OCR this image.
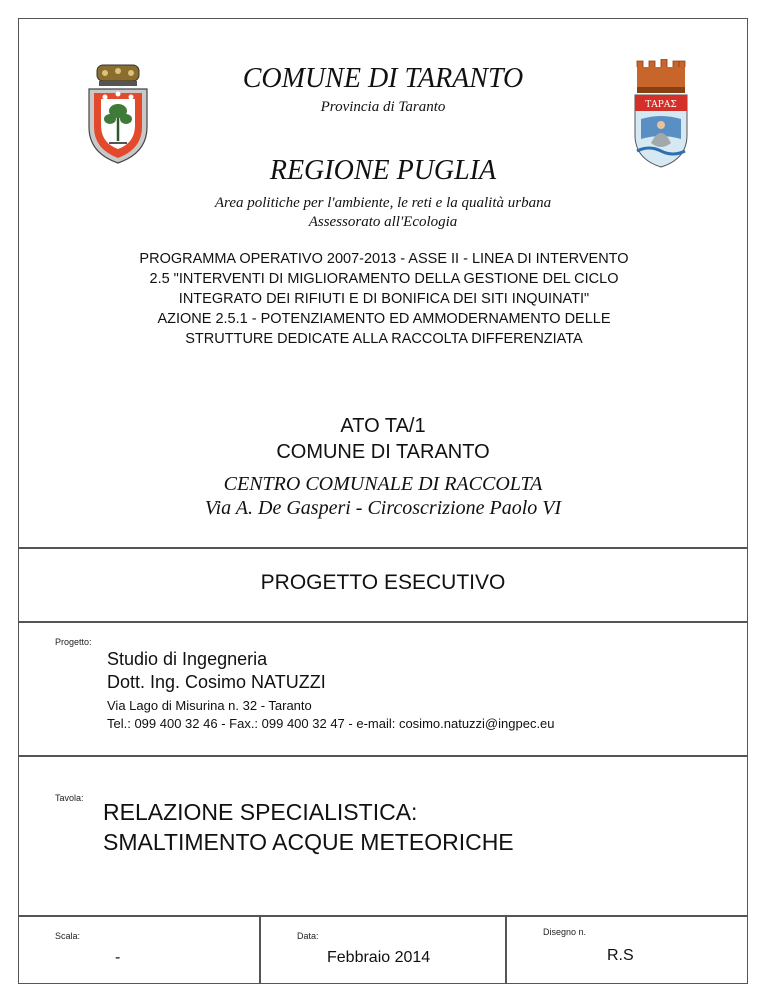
ΤΑΡΑΣ
COMUNE DI TARANTO
Provincia di Taranto
REGIONE PUGLIA
Area politiche per l'ambiente, le reti e la qualità urbana
Assessorato all'Ecologia
PROGRAMMA OPERATIVO 2007-2013 - ASSE II - LINEA DI INTERVENTO
2.5 "INTERVENTI DI MIGLIORAMENTO DELLA GESTIONE DEL CICLO
INTEGRATO DEI RIFIUTI E DI BONIFICA DEI SITI INQUINATI"
AZIONE 2.5.1 - POTENZIAMENTO ED AMMODERNAMENTO DELLE
STRUTTURE DEDICATE ALLA RACCOLTA DIFFERENZIATA
ATO TA/1
COMUNE DI TARANTO
CENTRO COMUNALE DI RACCOLTA
Via A. De Gasperi - Circoscrizione Paolo VI
PROGETTO ESECUTIVO
Progetto:
Studio di Ingegneria
Dott. Ing. Cosimo NATUZZI
Via Lago di Misurina n. 32 - Taranto
Tel.: 099 400 32 46 - Fax.: 099 400 32 47 - e-mail: cosimo.natuzzi@ingpec.eu
Tavola:
RELAZIONE SPECIALISTICA:
SMALTIMENTO ACQUE METEORICHE
Scala:
-
Data:
Febbraio 2014
Disegno n.
R.S
